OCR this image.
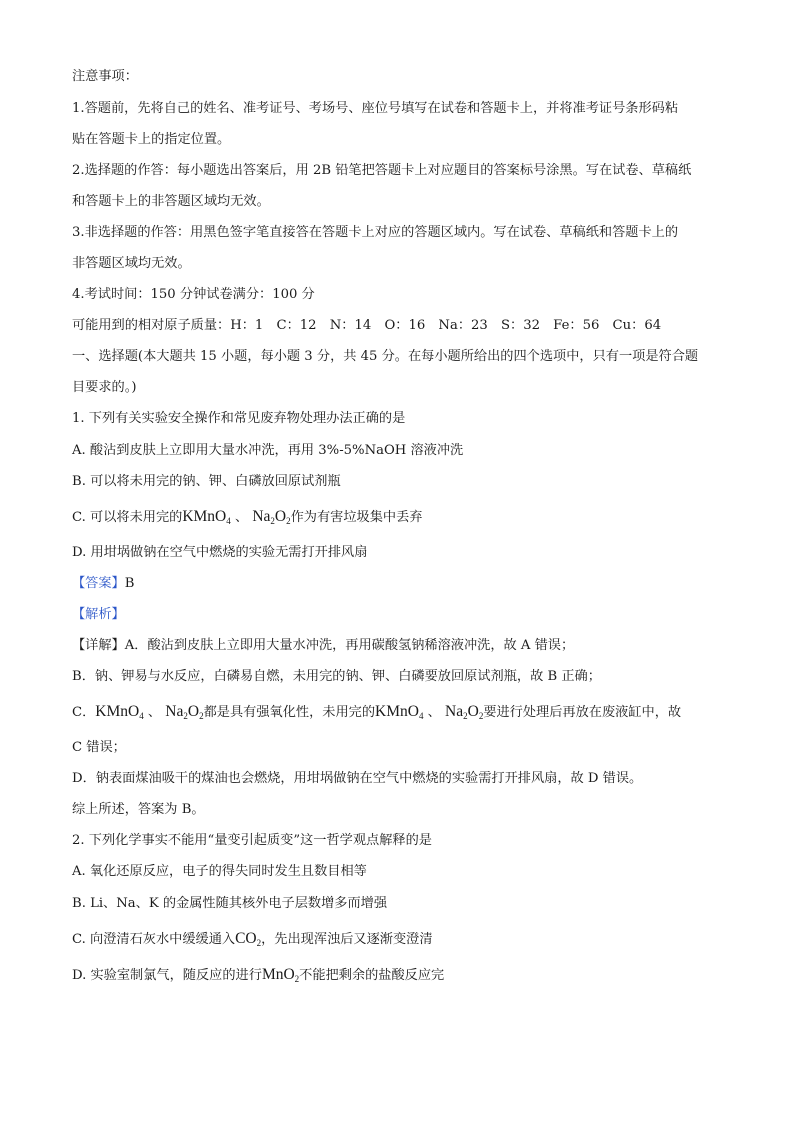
注意事项：
1.答题前，先将自己的姓名、准考证号、考场号、座位号填写在试卷和答题卡上，并将准考证号条形码粘
贴在答题卡上的指定位置。
2.选择题的作答：每小题选出答案后，用 2B 铅笔把答题卡上对应题目的答案标号涂黑。写在试卷、草稿纸
和答题卡上的非答题区域均无效。
3.非选择题的作答：用黑色签字笔直接答在答题卡上对应的答题区域内。写在试卷、草稿纸和答题卡上的
非答题区域均无效。
4.考试时间：150 分钟试卷满分：100 分
可能用到的相对原子质量：H：1　C：12　N：14　O：16　Na：23　S：32　Fe：56　Cu：64
一、选择题(本大题共 15 小题，每小题 3 分，共 45 分。在每小题所给出的四个选项中，只有一项是符合题
目要求的。)
1. 下列有关实验安全操作和常见废弃物处理办法正确的是
A. 酸沾到皮肤上立即用大量水冲洗，再用 3%-5%NaOH 溶液冲洗
B. 可以将未用完的钠、钾、白磷放回原试剂瓶
C. 可以将未用完的KMnO$_4$ 、 $Na_2O_2$作为有害垃圾集中丢弃
D. 用坩埚做钠在空气中燃烧的实验无需打开排风扇
【答案】B
【解析】
【详解】A．酸沾到皮肤上立即用大量水冲洗，再用碳酸氢钠稀溶液冲洗，故 A 错误；
B．钠、钾易与水反应，白磷易自燃，未用完的钠、钾、白磷要放回原试剂瓶，故 B 正确；
C．KMnO$_4$ 、 $Na_2O_2$都是具有强氧化性，未用完的KMnO$_4$ 、 $Na_2O_2$要进行处理后再放在废液缸中，故
C 错误；
D．钠表面煤油吸干的煤油也会燃烧，用坩埚做钠在空气中燃烧的实验需打开排风扇，故 D 错误。
综上所述，答案为 B。
2. 下列化学事实不能用“量变引起质变”这一哲学观点解释的是
A. 氧化还原反应，电子的得失同时发生且数目相等
B. Li、Na、K 的金属性随其核外电子层数增多而增强
C. 向澄清石灰水中缓缓通入$CO_2$，先出现浑浊后又逐渐变澄清
D. 实验室制氯气，随反应的进行MnO$_2$不能把剩余的盐酸反应完
